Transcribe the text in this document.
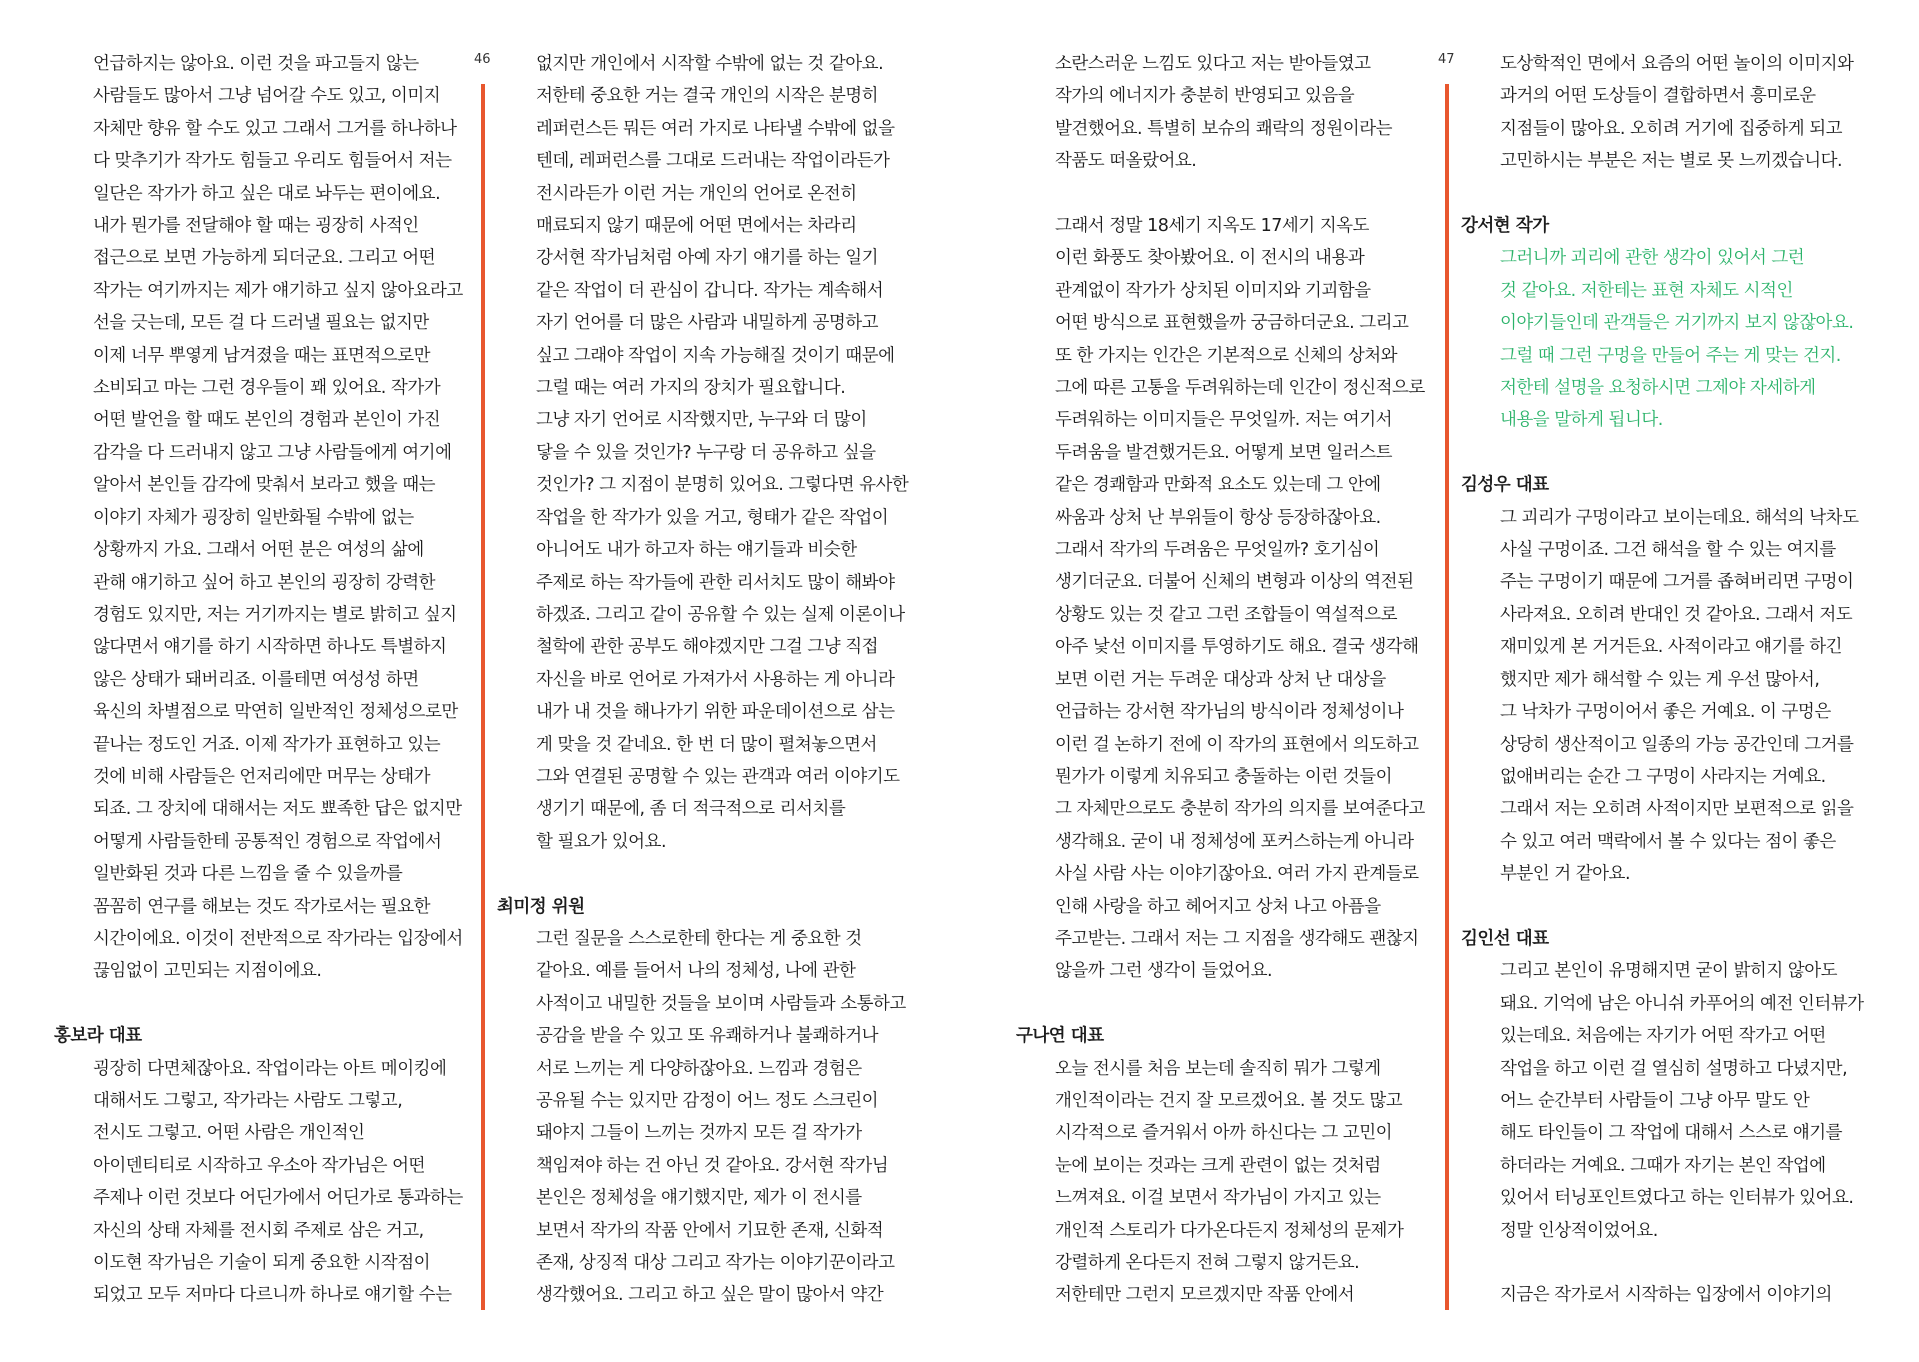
언급하지는 않아요. 이런 것을 파고들지 않는

사람들도 많아서 그냥 넘어갈 수도 있고, 이미지

자체만 향유 할 수도 있고 그래서 그거를 하나하나

다 맞추기가 작가도 힘들고 우리도 힘들어서 저는

일단은 작가가 하고 싶은 대로 놔두는 편이에요.

내가 뭔가를 전달해야 할 때는 굉장히 사적인

접근으로 보면 가능하게 되더군요. 그리고 어떤

작가는 여기까지는 제가 얘기하고 싶지 않아요라고

선을 긋는데, 모든 걸 다 드러낼 필요는 없지만

이제 너무 뿌옇게 남겨졌을 때는 표면적으로만

소비되고 마는 그런 경우들이 꽤 있어요. 작가가

어떤 발언을 할 때도 본인의 경험과 본인이 가진

감각을 다 드러내지 않고 그냥 사람들에게 여기에

알아서 본인들 감각에 맞춰서 보라고 했을 때는

이야기 자체가 굉장히 일반화될 수밖에 없는

상황까지 가요. 그래서 어떤 분은 여성의 삶에

관해 얘기하고 싶어 하고 본인의 굉장히 강력한

경험도 있지만, 저는 거기까지는 별로 밝히고 싶지

않다면서 얘기를 하기 시작하면 하나도 특별하지

않은 상태가 돼버리죠. 이를테면 여성성 하면

육신의 차별점으로 막연히 일반적인 정체성으로만

끝나는 정도인 거죠. 이제 작가가 표현하고 있는

것에 비해 사람들은 언저리에만 머무는 상태가

되죠. 그 장치에 대해서는 저도 뾰족한 답은 없지만

어떻게 사람들한테 공통적인 경험으로 작업에서

일반화된 것과 다른 느낌을 줄 수 있을까를

꼼꼼히 연구를 해보는 것도 작가로서는 필요한

시간이에요. 이것이 전반적으로 작가라는 입장에서

끊임없이 고민되는 지점이에요.

홍보라 대표

굉장히 다면체잖아요. 작업이라는 아트 메이킹에

대해서도 그렇고, 작가라는 사람도 그렇고,

전시도 그렇고. 어떤 사람은 개인적인

아이덴티티로 시작하고 우소아 작가님은 어떤

주제나 이런 것보다 어딘가에서 어딘가로 통과하는

자신의 상태 자체를 전시회 주제로 삼은 거고,

이도현 작가님은 기술이 되게 중요한 시작점이

되었고 모두 저마다 다르니까 하나로 얘기할 수는

46	없지만 개인에서 시작할 수밖에 없는 것 같아요.

저한테 중요한 거는 결국 개인의 시작은 분명히

레퍼런스든 뭐든 여러 가지로 나타낼 수밖에 없을

텐데, 레퍼런스를 그대로 드러내는 작업이라든가

전시라든가 이런 거는 개인의 언어로 온전히

매료되지 않기 때문에 어떤 면에서는 차라리

강서현 작가님처럼 아예 자기 얘기를 하는 일기

같은 작업이 더 관심이 갑니다. 작가는 계속해서

자기 언어를 더 많은 사람과 내밀하게 공명하고

싶고 그래야 작업이 지속 가능해질 것이기 때문에

그럴 때는 여러 가지의 장치가 필요합니다.

그냥 자기 언어로 시작했지만, 누구와 더 많이

닿을 수 있을 것인가? 누구랑 더 공유하고 싶을

것인가? 그 지점이 분명히 있어요. 그렇다면 유사한

작업을 한 작가가 있을 거고, 형태가 같은 작업이

아니어도 내가 하고자 하는 얘기들과 비슷한

주제로 하는 작가들에 관한 리서치도 많이 해봐야

하겠죠. 그리고 같이 공유할 수 있는 실제 이론이나

철학에 관한 공부도 해야겠지만 그걸 그냥 직접

자신을 바로 언어로 가져가서 사용하는 게 아니라

내가 내 것을 해나가기 위한 파운데이션으로 삼는

게 맞을 것 같네요. 한 번 더 많이 펼쳐놓으면서

그와 연결된 공명할 수 있는 관객과 여러 이야기도

생기기 때문에, 좀 더 적극적으로 리서치를

할 필요가 있어요.

최미정 위원

그런 질문을 스스로한테 한다는 게 중요한 것

같아요. 예를 들어서 나의 정체성, 나에 관한

사적이고 내밀한 것들을 보이며 사람들과 소통하고

공감을 받을 수 있고 또 유쾌하거나 불쾌하거나

서로 느끼는 게 다양하잖아요. 느낌과 경험은

공유될 수는 있지만 감정이 어느 정도 스크린이

돼야지 그들이 느끼는 것까지 모든 걸 작가가

책임져야 하는 건 아닌 것 같아요. 강서현 작가님

본인은 정체성을 얘기했지만, 제가 이 전시를

보면서 작가의 작품 안에서 기묘한 존재, 신화적

존재, 상징적 대상 그리고 작가는 이야기꾼이라고

생각했어요. 그리고 하고 싶은 말이 많아서 약간

소란스러운 느낌도 있다고 저는 받아들였고

작가의 에너지가 충분히 반영되고 있음을

발견했어요. 특별히 보슈의 쾌락의 정원이라는

작품도 떠올랐어요.

그래서 정말 18세기 지옥도 17세기 지옥도

이런 화풍도 찾아봤어요. 이 전시의 내용과

관계없이 작가가 상치된 이미지와 기괴함을

어떤 방식으로 표현했을까 궁금하더군요. 그리고

또 한 가지는 인간은 기본적으로 신체의 상처와

그에 따른 고통을 두려워하는데 인간이 정신적으로

두려워하는 이미지들은 무엇일까. 저는 여기서

두려움을 발견했거든요. 어떻게 보면 일러스트

같은 경쾌함과 만화적 요소도 있는데 그 안에

싸움과 상처 난 부위들이 항상 등장하잖아요.

그래서 작가의 두려움은 무엇일까? 호기심이

생기더군요. 더불어 신체의 변형과 이상의 역전된

상황도 있는 것 같고 그런 조합들이 역설적으로

아주 낯선 이미지를 투영하기도 해요. 결국 생각해

보면 이런 거는 두려운 대상과 상처 난 대상을

언급하는 강서현 작가님의 방식이라 정체성이나

이런 걸 논하기 전에 이 작가의 표현에서 의도하고

뭔가가 이렇게 치유되고 충돌하는 이런 것들이

그 자체만으로도 충분히 작가의 의지를 보여준다고

생각해요. 굳이 내 정체성에 포커스하는게 아니라

사실 사람 사는 이야기잖아요. 여러 가지 관계들로

인해 사랑을 하고 헤어지고 상처 나고 아픔을

주고받는. 그래서 저는 그 지점을 생각해도 괜찮지

않을까 그런 생각이 들었어요.

구나연 대표

오늘 전시를 처음 보는데 솔직히 뭐가 그렇게

개인적이라는 건지 잘 모르겠어요. 볼 것도 많고

시각적으로 즐거워서 아까 하신다는 그 고민이

눈에 보이는 것과는 크게 관련이 없는 것처럼

느껴져요. 이걸 보면서 작가님이 가지고 있는

개인적 스토리가 다가온다든지 정체성의 문제가

강렬하게 온다든지 전혀 그렇지 않거든요.

저한테만 그런지 모르겠지만 작품 안에서

47	도상학적인 면에서 요즘의 어떤 놀이의 이미지와

과거의 어떤 도상들이 결합하면서 흥미로운

지점들이 많아요. 오히려 거기에 집중하게 되고

고민하시는 부분은 저는 별로 못 느끼겠습니다.

강서현 작가

그러니까 괴리에 관한 생각이 있어서 그런

것 같아요. 저한테는 표현 자체도 시적인

이야기들인데 관객들은 거기까지 보지 않잖아요.

그럴 때 그런 구멍을 만들어 주는 게 맞는 건지.

저한테 설명을 요청하시면 그제야 자세하게

내용을 말하게 됩니다.

김성우 대표

그 괴리가 구멍이라고 보이는데요. 해석의 낙차도

사실 구멍이죠. 그건 해석을 할 수 있는 여지를

주는 구멍이기 때문에 그거를 좁혀버리면 구멍이

사라져요. 오히려 반대인 것 같아요. 그래서 저도

재미있게 본 거거든요. 사적이라고 얘기를 하긴

했지만 제가 해석할 수 있는 게 우선 많아서,

그 낙차가 구멍이어서 좋은 거예요. 이 구멍은

상당히 생산적이고 일종의 가능 공간인데 그거를

없애버리는 순간 그 구멍이 사라지는 거예요.

그래서 저는 오히려 사적이지만 보편적으로 읽을

수 있고 여러 맥락에서 볼 수 있다는 점이 좋은

부분인 거 같아요.

김인선 대표

그리고 본인이 유명해지면 굳이 밝히지 않아도

돼요. 기억에 남은 아니쉬 카푸어의 예전 인터뷰가

있는데요. 처음에는 자기가 어떤 작가고 어떤

작업을 하고 이런 걸 열심히 설명하고 다녔지만,

어느 순간부터 사람들이 그냥 아무 말도 안

해도 타인들이 그 작업에 대해서 스스로 얘기를

하더라는 거예요. 그때가 자기는 본인 작업에

있어서 터닝포인트였다고 하는 인터뷰가 있어요.

정말 인상적이었어요.

지금은 작가로서 시작하는 입장에서 이야기의
